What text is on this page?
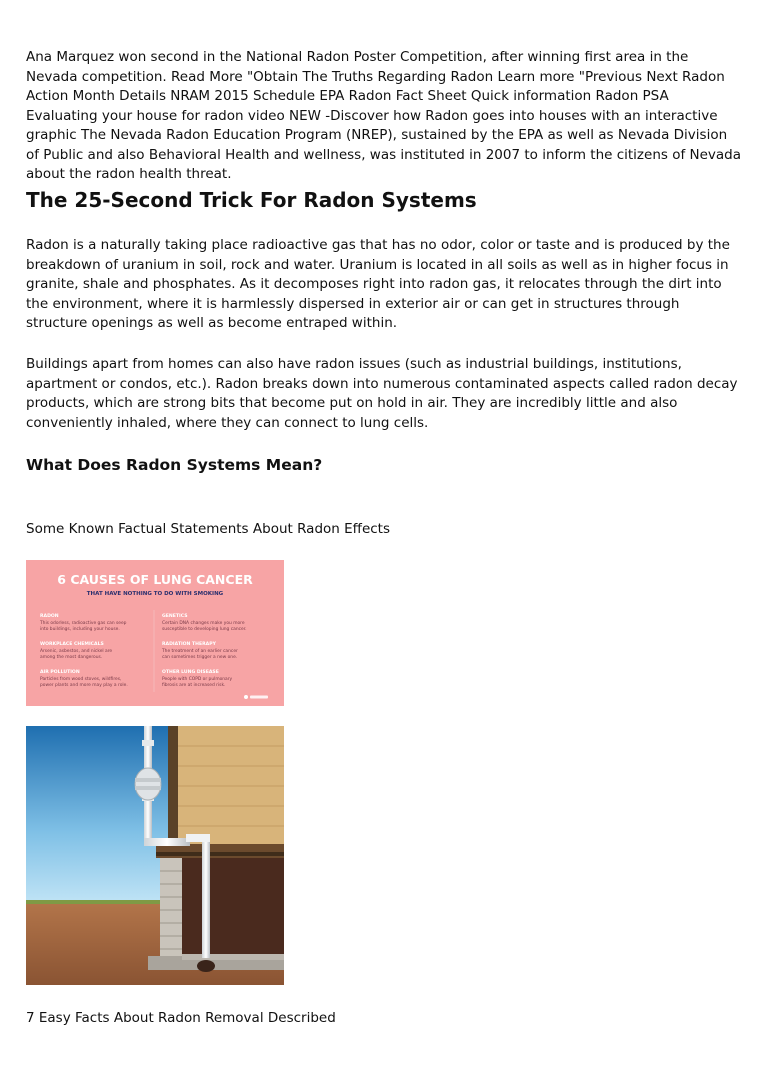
Ana Marquez won second in the National Radon Poster Competition, after winning first area in the Nevada competition. Read More "Obtain The Truths Regarding Radon Learn more "Previous Next Radon Action Month Details NRAM 2015 Schedule EPA Radon Fact Sheet Quick information Radon PSA Evaluating your house for radon video NEW -Discover how Radon goes into houses with an interactive graphic The Nevada Radon Education Program (NREP), sustained by the EPA as well as Nevada Division of Public and also Behavioral Health and wellness, was instituted in 2007 to inform the citizens of Nevada about the radon health threat.

The 25-Second Trick For Radon Systems

Radon is a naturally taking place radioactive gas that has no odor, color or taste and is produced by the breakdown of uranium in soil, rock and water. Uranium is located in all soils as well as in higher focus in granite, shale and phosphates. As it decomposes right into radon gas, it relocates through the dirt into the environment, where it is harmlessly dispersed in exterior air or can get in structures through structure openings as well as become entraped within.

Buildings apart from homes can also have radon issues (such as industrial buildings, institutions, apartment or condos, etc.). Radon breaks down into numerous contaminated aspects called radon decay products, which are strong bits that become put on hold in air. They are incredibly little and also conveniently inhaled, where they can connect to lung cells.

What Does Radon Systems Mean?

Some Known Factual Statements About Radon Effects

6 CAUSES OF LUNG CANCER
THAT HAVE NOTHING TO DO WITH SMOKING
RADON
This odorless, radioactive gas can seep
into buildings, including your house.
GENETICS
Certain DNA changes make you more
susceptible to developing lung cancer.
WORKPLACE CHEMICALS
Arsenic, asbestos, and nickel are
among the most dangerous.
RADIATION THERAPY
The treatment of an earlier cancer
can sometimes trigger a new one.
AIR POLLUTION
Particles from wood stoves, wildfires,
power plants and more may play a role.
OTHER LUNG DISEASE
People with COPD or pulmonary
fibrosis are at increased risk.

7 Easy Facts About Radon Removal Described
